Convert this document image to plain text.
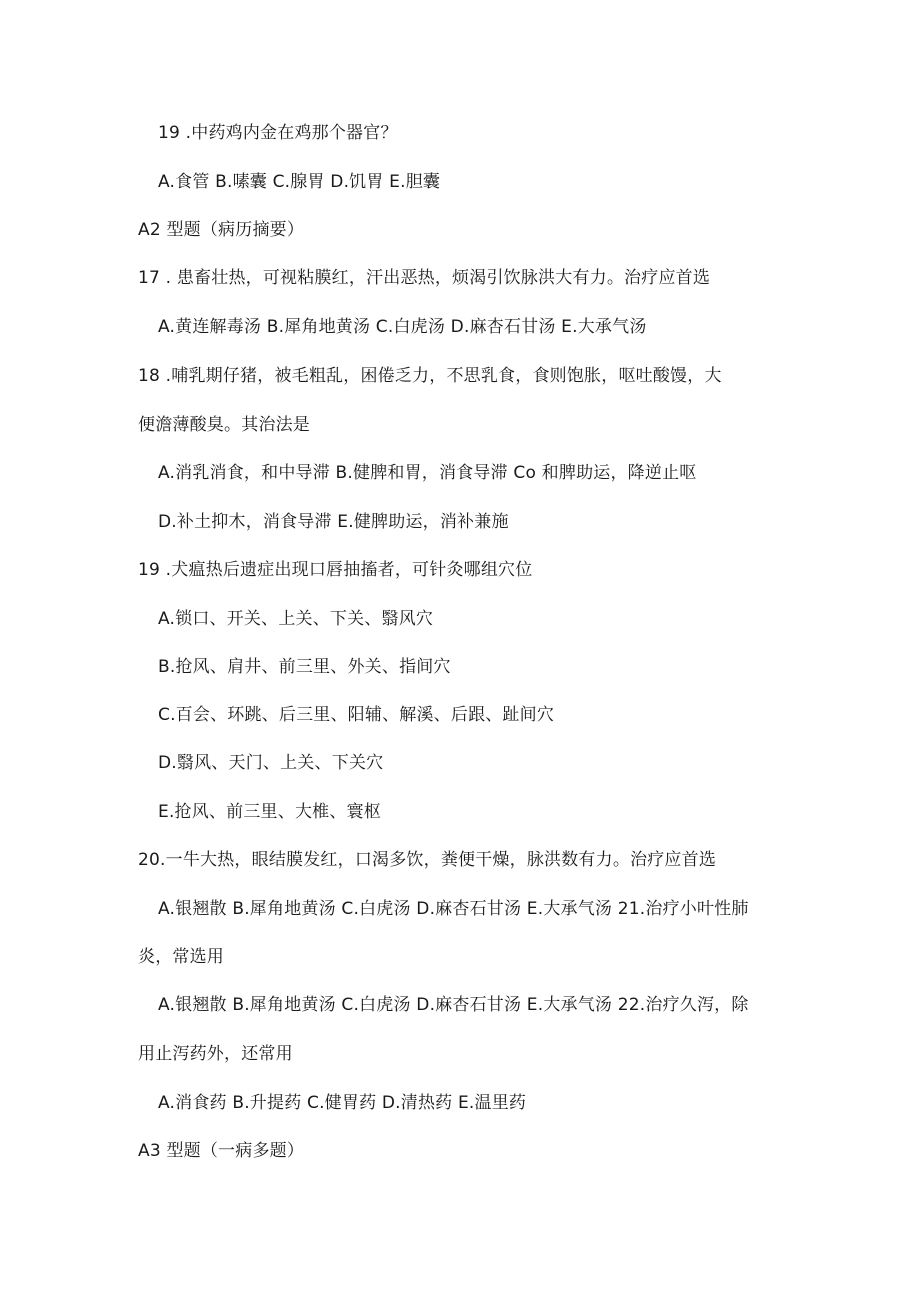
19 .中药鸡内金在鸡那个器官？
A.食管 B.嗉囊 C.腺胃 D.饥胃 E.胆囊
A2 型题（病历摘要）
17 . 患畜壮热，可视粘膜红，汗出恶热，烦渴引饮脉洪大有力。治疗应首选
A.黄连解毒汤 B.犀角地黄汤 C.白虎汤 D.麻杏石甘汤 E.大承气汤
18 .哺乳期仔猪，被毛粗乱，困倦乏力，不思乳食，食则饱胀，呕吐酸馒，大
便澹薄酸臭。其治法是
A.消乳消食，和中导滞 B.健脾和胃，消食导滞 Co 和脾助运，降逆止呕
D.补土抑木，消食导滞 E.健脾助运，消补兼施
19 .犬瘟热后遗症出现口唇抽搐者，可针灸哪组穴位
A.锁口、开关、上关、下关、翳风穴
B.抢风、肩井、前三里、外关、指间穴
C.百会、环跳、后三里、阳辅、解溪、后跟、趾间穴
D.翳风、天门、上关、下关穴
E.抢风、前三里、大椎、寰枢
20.一牛大热，眼结膜发红，口渴多饮，粪便干燥，脉洪数有力。治疗应首选
A.银翘散 B.犀角地黄汤 C.白虎汤 D.麻杏石甘汤 E.大承气汤 21.治疗小叶性肺
炎，常选用
A.银翘散 B.犀角地黄汤 C.白虎汤 D.麻杏石甘汤 E.大承气汤 22.治疗久泻，除
用止泻药外，还常用
A.消食药 B.升提药 C.健胃药 D.清热药 E.温里药
A3 型题（一病多题）
